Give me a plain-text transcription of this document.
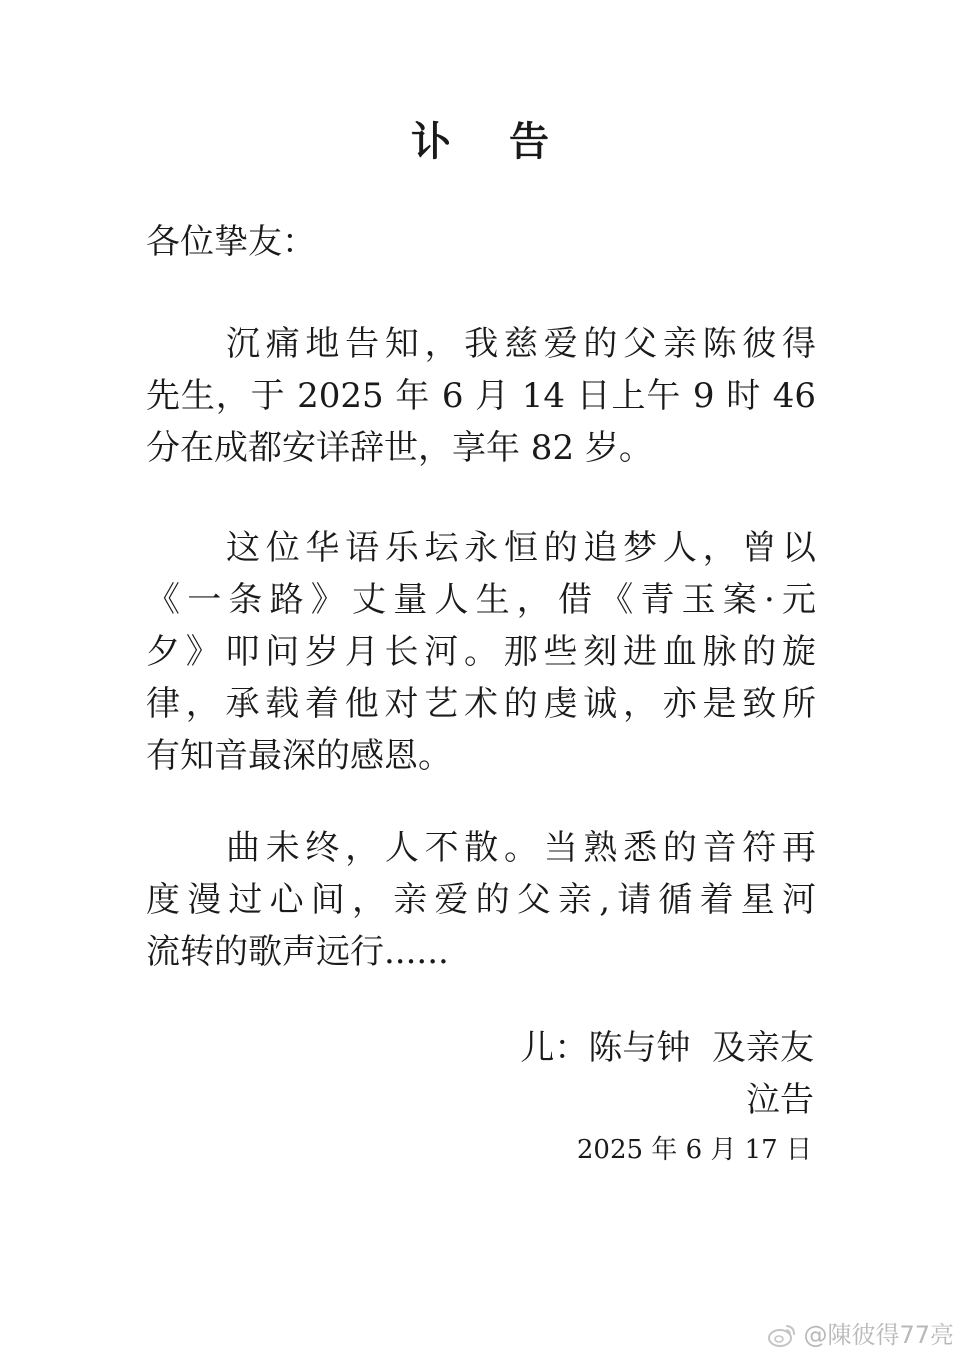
讣 告
各位挚友：

沉痛地告知，我慈爱的父亲陈彼得
先生，于 2025 年 6 月 14 日上午 9 时 46
分在成都安详辞世，享年 82 岁。

这位华语乐坛永恒的追梦人，曾以
《一条路》丈量人生，借《青玉案·元
夕》叩问岁月长河。那些刻进血脉的旋
律，承载着他对艺术的虔诚，亦是致所
有知音最深的感恩。

曲未终，人不散。当熟悉的音符再
度漫过心间，亲爱的父亲,请循着星河
流转的歌声远行......

儿：陈与钟  及亲友
泣告
2025 年 6 月 17 日
@陳彼得77亮
